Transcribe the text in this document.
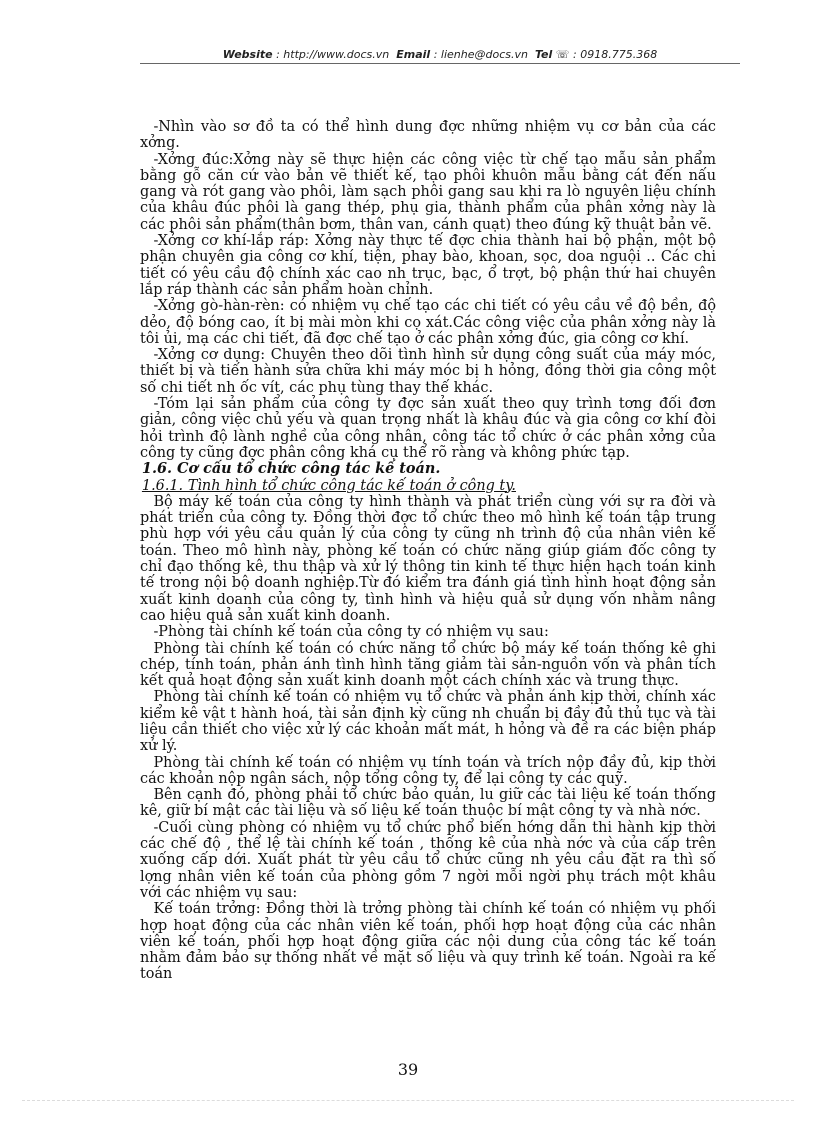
Website : http://www.docs.vn Email : lienhe@docs.vn Tel ☏ : 0918.775.368

-Nhìn vào sơ đồ ta có thể hình dung đợc những nhiệm vụ cơ bản của các xởng.

-Xởng đúc:Xởng này sẽ thực hiện các công việc từ chế tạo mẫu sản phẩm bằng gỗ căn cứ vào bản vẽ thiết kế, tạo phôi khuôn mẫu bằng cát đến nấu gang và rót gang vào phôi, làm sạch phôi gang sau khi ra lò nguyên liệu chính của khâu đúc phôi là gang thép, phụ gia, thành phẩm của phân xởng này là các phôi sản phẩm(thân bơm, thân van, cánh quạt) theo đúng kỹ thuật bản vẽ.

-Xởng cơ khí-lắp ráp: Xởng này thực tế đợc chia thành hai bộ phận, một bộ phận chuyên gia công cơ khí, tiện, phay bào, khoan, sọc, doa nguội .. Các chi tiết có yêu cầu độ chính xác cao nh trục, bạc, ổ trợt, bộ phận thứ hai chuyên lắp ráp thành các sản phẩm hoàn chỉnh.

-Xởng gò-hàn-rèn: có nhiệm vụ chế tạo các chi tiết có yêu cầu về độ bền, độ dẻo, độ bóng cao, ít bị mài mòn khi cọ xát.Các công việc của phân xởng này là tôi ủi, mạ các chi tiết, đã đợc chế tạo ở các phân xởng đúc, gia công cơ khí.

-Xởng cơ dụng: Chuyên theo dõi tình hình sử dụng công suất của máy móc, thiết bị và tiến hành sửa chữa khi máy móc bị h hỏng, đồng thời gia công một số chi tiết nh ốc vít, các phụ tùng thay thế khác.

-Tóm lại sản phẩm của công ty đợc sản xuất theo quy trình tơng đối đơn giản, công việc chủ yếu và quan trọng nhất là khâu đúc và gia công cơ khí đòi hỏi trình độ lành nghề của công nhân, công tác tổ chức ở các phân xởng của công ty cũng đợc phân công khá cụ thể rõ ràng và không phức tạp.

1.6. Cơ cấu tổ chức công tác kế toán.

1.6.1. Tình hình tổ chức công tác kế toán ở công ty.

Bộ máy kế toán của công ty hình thành và phát triển cùng với sự ra đời và phát triển của công ty. Đồng thời đợc tổ chức theo mô hình kế toán tập trung phù hợp với yêu cầu quản lý của công ty cũng nh trình độ của nhân viên kế toán. Theo mô hình này, phòng kế toán có chức năng giúp giám đốc công ty chỉ đạo thống kê, thu thập và xử lý thông tin kinh tế thực hiện hạch toán kinh tế trong nội bộ doanh nghiệp.Từ đó kiểm tra đánh giá tình hình hoạt động sản xuất kinh doanh của công ty, tình hình và hiệu quả sử dụng vốn nhằm nâng cao hiệu quả sản xuất kinh doanh.

-Phòng tài chính kế toán của công ty có nhiệm vụ sau:

Phòng tài chính kế toán có chức năng tổ chức bộ máy kế toán thống kê ghi chép, tính toán, phản ánh tình hình tăng giảm tài sản-nguồn vốn và phân tích kết quả hoạt động sản xuất kinh doanh một cách chính xác và trung thực.

Phòng tài chính kế toán có nhiệm vụ tổ chức và phản ánh kịp thời, chính xác kiểm kê vật t hành hoá, tài sản định kỳ cũng nh chuẩn bị đầy đủ thủ tục và tài liệu cần thiết cho việc xử lý các khoản mất mát, h hỏng và đề ra các biện pháp xử lý.

Phòng tài chính kế toán có nhiệm vụ tính toán và trích nộp đầy đủ, kịp thời các khoản nộp ngân sách, nộp tổng công ty, để lại công ty các quỹ.

Bên cạnh đó, phòng phải tổ chức bảo quản, lu giữ các tài liệu kế toán thống kê, giữ bí mật các tài liệu và số liệu kế toán thuộc bí mật công ty và nhà nớc.

-Cuối cùng phòng có nhiệm vụ tổ chức phổ biến hớng dẫn thi hành kịp thời các chế độ , thể lệ tài chính kế toán , thống kê của nhà nớc và của cấp trên xuống cấp dới. Xuất phát từ yêu cầu tổ chức cũng nh yêu cầu đặt ra thì số lợng nhân viên kế toán của phòng gồm 7 ngời mỗi ngời phụ trách một khâu với các nhiệm vụ sau:

Kế toán trởng: Đồng thời là trởng phòng tài chính kế toán có nhiệm vụ phối hợp hoạt động của các nhân viên kế toán, phối hợp hoạt động của các nhân viên kế toán, phối hợp hoạt động giữa các nội dung của công tác kế toán nhằm đảm bảo sự thống nhất về mặt số liệu và quy trình kế toán. Ngoài ra kế toán

39
